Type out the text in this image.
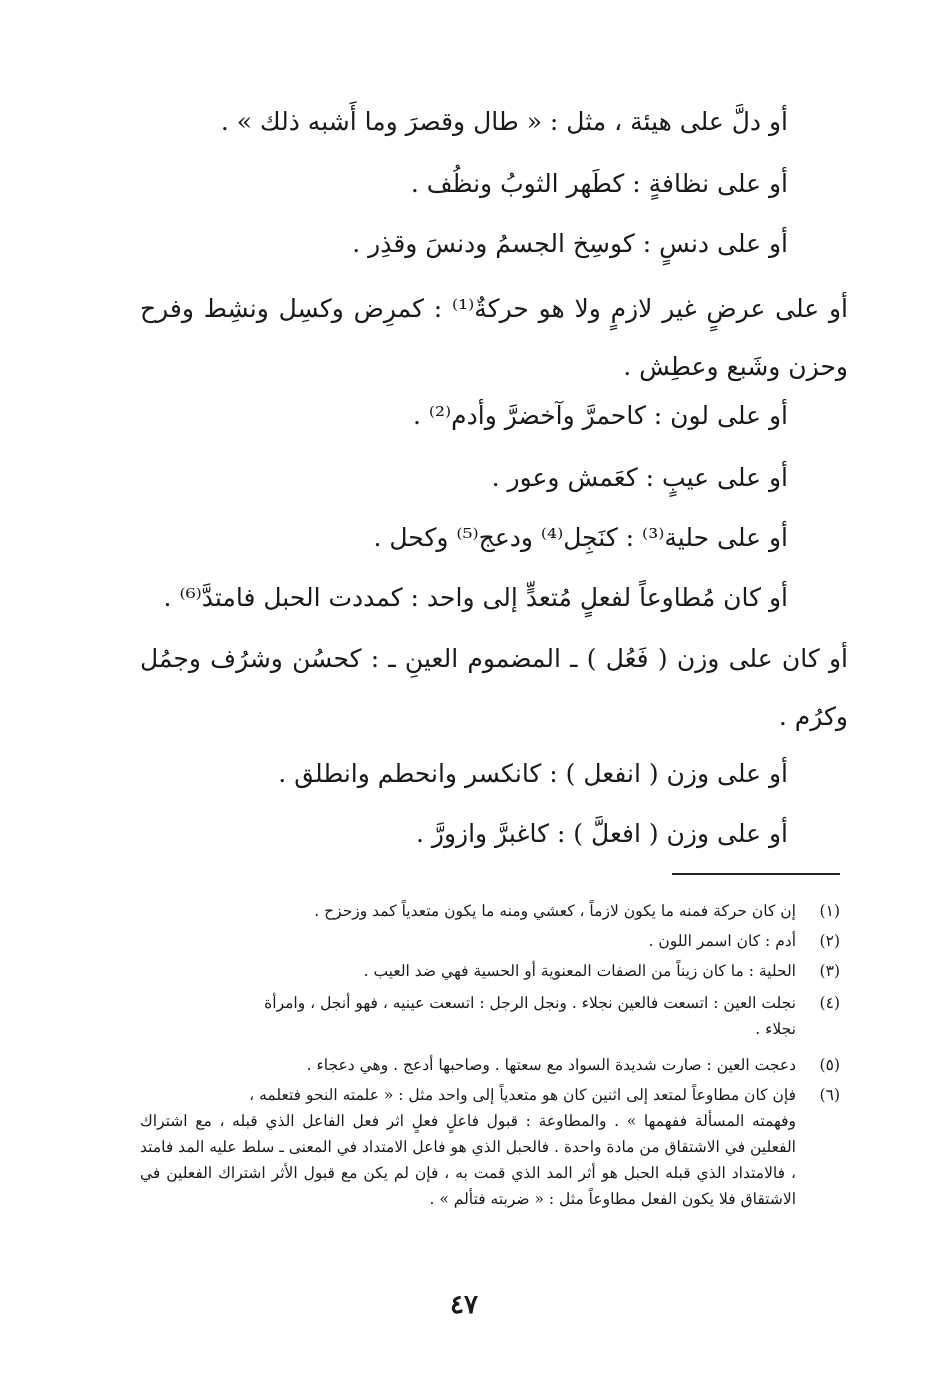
أو دلَّ على هيئة ، مثل : « طال وقصرَ وما أَشبه ذلك » .
أو على نظافةٍ : كطَهر الثوبُ ونظُف .
أو على دنسٍ : كوسِخ الجسمُ ودنسَ وقذِر .
أو على عرضٍ غير لازمٍ ولا هو حركةٌ⁽¹⁾ : كمرِض وكسِل ونشِط وفرح وحزن وشَبع وعطِش .
أو على لون : كاحمرَّ وآخضرَّ وأدم⁽²⁾ .
أو على عيبٍ : كعَمش وعور .
أو على حلية⁽³⁾ : كنَجِل⁽⁴⁾ ودعج⁽⁵⁾ وكحل .
أو كان مُطاوعاً لفعلٍ مُتعدٍّ إلى واحد : كمددت الحبل فامتدَّ⁽⁶⁾ .
أو كان على وزن ( فَعُل ) ـ المضموم العينِ ـ : كحسُن وشرُف وجمُل وكرُم .
أو على وزن ( انفعل ) : كانكسر وانحطم وانطلق .
أو على وزن ( افعلَّ ) : كاغبرَّ وازورَّ .
(١)إن كان حركة فمنه ما يكون لازماً ، كعشي ومنه ما يكون متعدياً كمد وزحزح .
(٢)أدم : كان اسمر اللون .
(٣)الحلية : ما كان زيناً من الصفات المعنوية أو الحسية فهي ضد العيب .
(٤)نجلت العين : اتسعت فالعين نجلاء . ونجل الرجل : اتسعت عينيه ، فهو أنجل ، وامرأة
نجلاء .
(٥)دعجت العين : صارت شديدة السواد مع سعتها . وصاحبها أدعج . وهي دعجاء .
(٦)فإن كان مطاوعاً لمتعد إلى اثنين كان هو متعدياً إلى واحد مثل : « علمته النحو فتعلمه ،
وفهمته المسألة ففهمها » . والمطاوعة : قبول فاعلٍ فعلٍ اثر فعل الفاعل الذي قبله ، مع اشتراك الفعلين في الاشتقاق من مادة واحدة . فالحبل الذي هو فاعل الامتداد في المعنى ـ سلط عليه المد فامتد ، فالامتداد الذي قبله الحبل هو أثر المد الذي قمت به ، فإن لم يكن مع قبول الأثر اشتراك الفعلين في الاشتقاق فلا يكون الفعل مطاوعاً مثل : « ضربته فتألم » .
٤٧
